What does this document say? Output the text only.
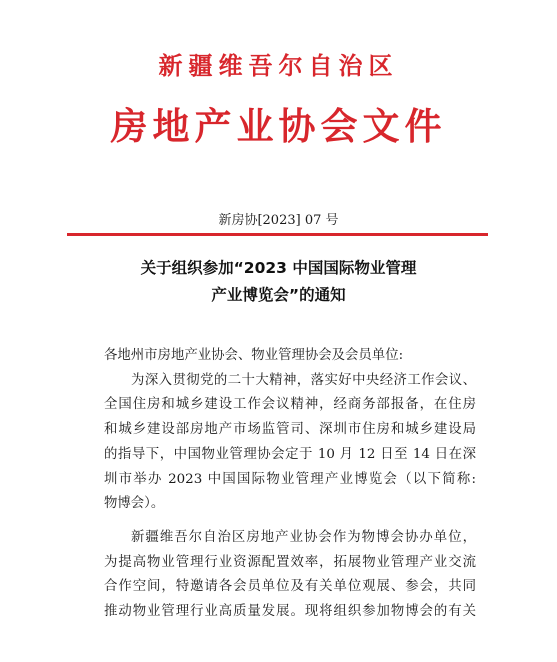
新疆维吾尔自治区
房地产业协会文件
新房协[2023] 07 号
关于组织参加“2023 中国国际物业管理
产业博览会”的通知
各地州市房地产业协会、物业管理协会及会员单位:
为深入贯彻党的二十大精神，落实好中央经济工作会议、
全国住房和城乡建设工作会议精神，经商务部报备，在住房
和城乡建设部房地产市场监管司、深圳市住房和城乡建设局
的指导下，中国物业管理协会定于 10 月 12 日至 14 日在深
圳市举办 2023 中国国际物业管理产业博览会（以下简称:
物博会）。
新疆维吾尔自治区房地产业协会作为物博会协办单位，
为提高物业管理行业资源配置效率，拓展物业管理产业交流
合作空间，特邀请各会员单位及有关单位观展、参会，共同
推动物业管理行业高质量发展。现将组织参加物博会的有关
